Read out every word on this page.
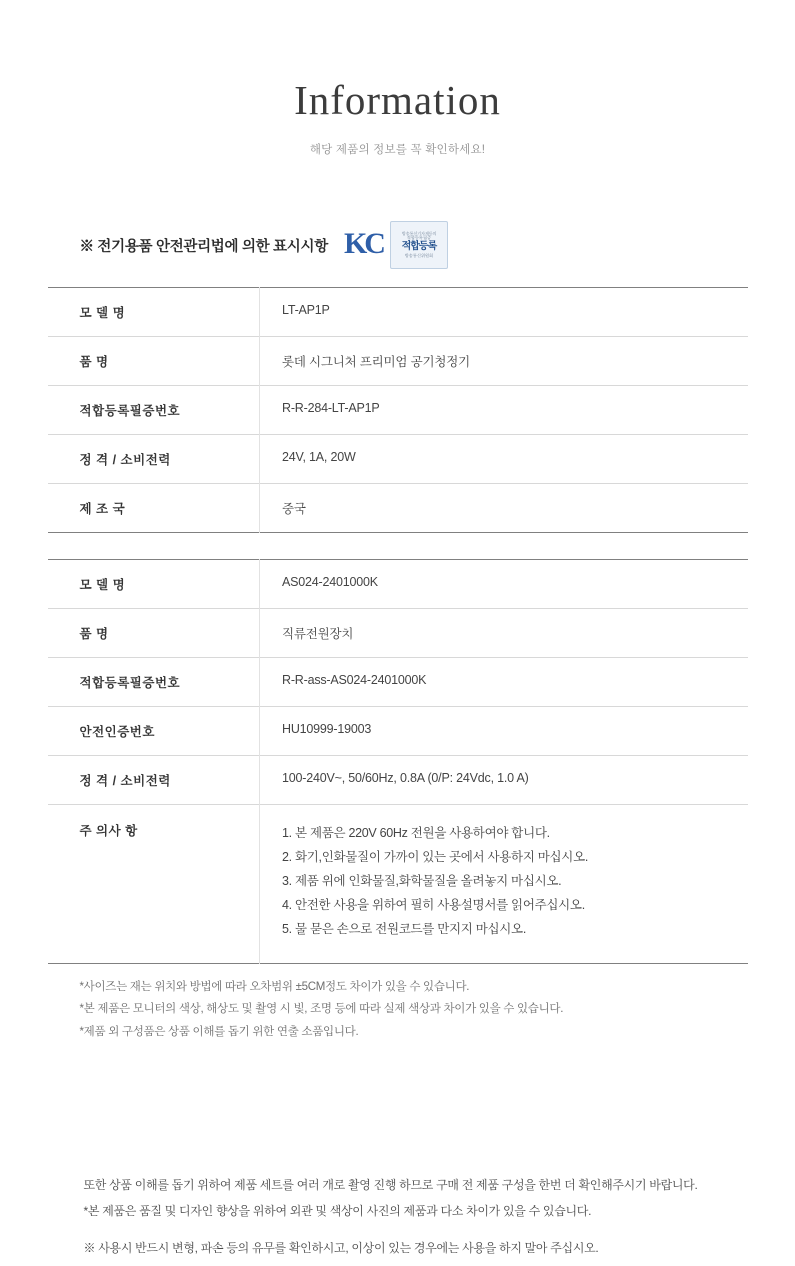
Information
해당 제품의 정보를 꼭 확인하세요!
※ 전기용품 안전관리법에 의한 표시시항 KC	방송통신기자재등의
적합등록필증
적합등록
방송통신위원회
모 델 명	LT-AP1P
품 명	롯데 시그니처 프리미엄 공기청정기
적합등록필증번호	R-R-284-LT-AP1P
정 격 / 소비전력	24V, 1A, 20W
제 조 국	중국
모 델 명	AS024-2401000K
품 명	직류전원장치
적합등록필증번호	R-R-ass-AS024-2401000K
안전인증번호	HU10999-19003
정 격 / 소비전력	100-240V~, 50/60Hz, 0.8A (0/P: 24Vdc, 1.0 A)
주 의사 항	1. 본 제품은 220V 60Hz 전원을 사용하여야 합니다.
2. 화기,인화물질이 가까이 있는 곳에서 사용하지 마십시오.
3. 제품 위에 인화물질,화학물질을 올려놓지 마십시오.
4. 안전한 사용을 위하여 필히 사용설명서를 읽어주십시오.
5. 물 묻은 손으로 전원코드를 만지지 마십시오.

*사이즈는 재는 위치와 방법에 따라 오차범위 ±5CM정도 차이가 있을 수 있습니다.

*본 제품은 모니터의 색상, 해상도 및 촬영 시 빛, 조명 등에 따라 실제 색상과 차이가 있을 수 있습니다.

*제품 외 구성품은 상품 이해를 돕기 위한 연출 소품입니다.

또한 상품 이해를 돕기 위하여 제품 세트를 여러 개로 촬영 진행 하므로 구매 전 제품 구성을 한번 더 확인해주시기 바랍니다.

*본 제품은 품질 및 디자인 향상을 위하여 외관 및 색상이 사진의 제품과 다소 차이가 있을 수 있습니다.

※ 사용시 반드시 변형, 파손 등의 유무를 확인하시고, 이상이 있는 경우에는 사용을 하지 말아 주십시오.
